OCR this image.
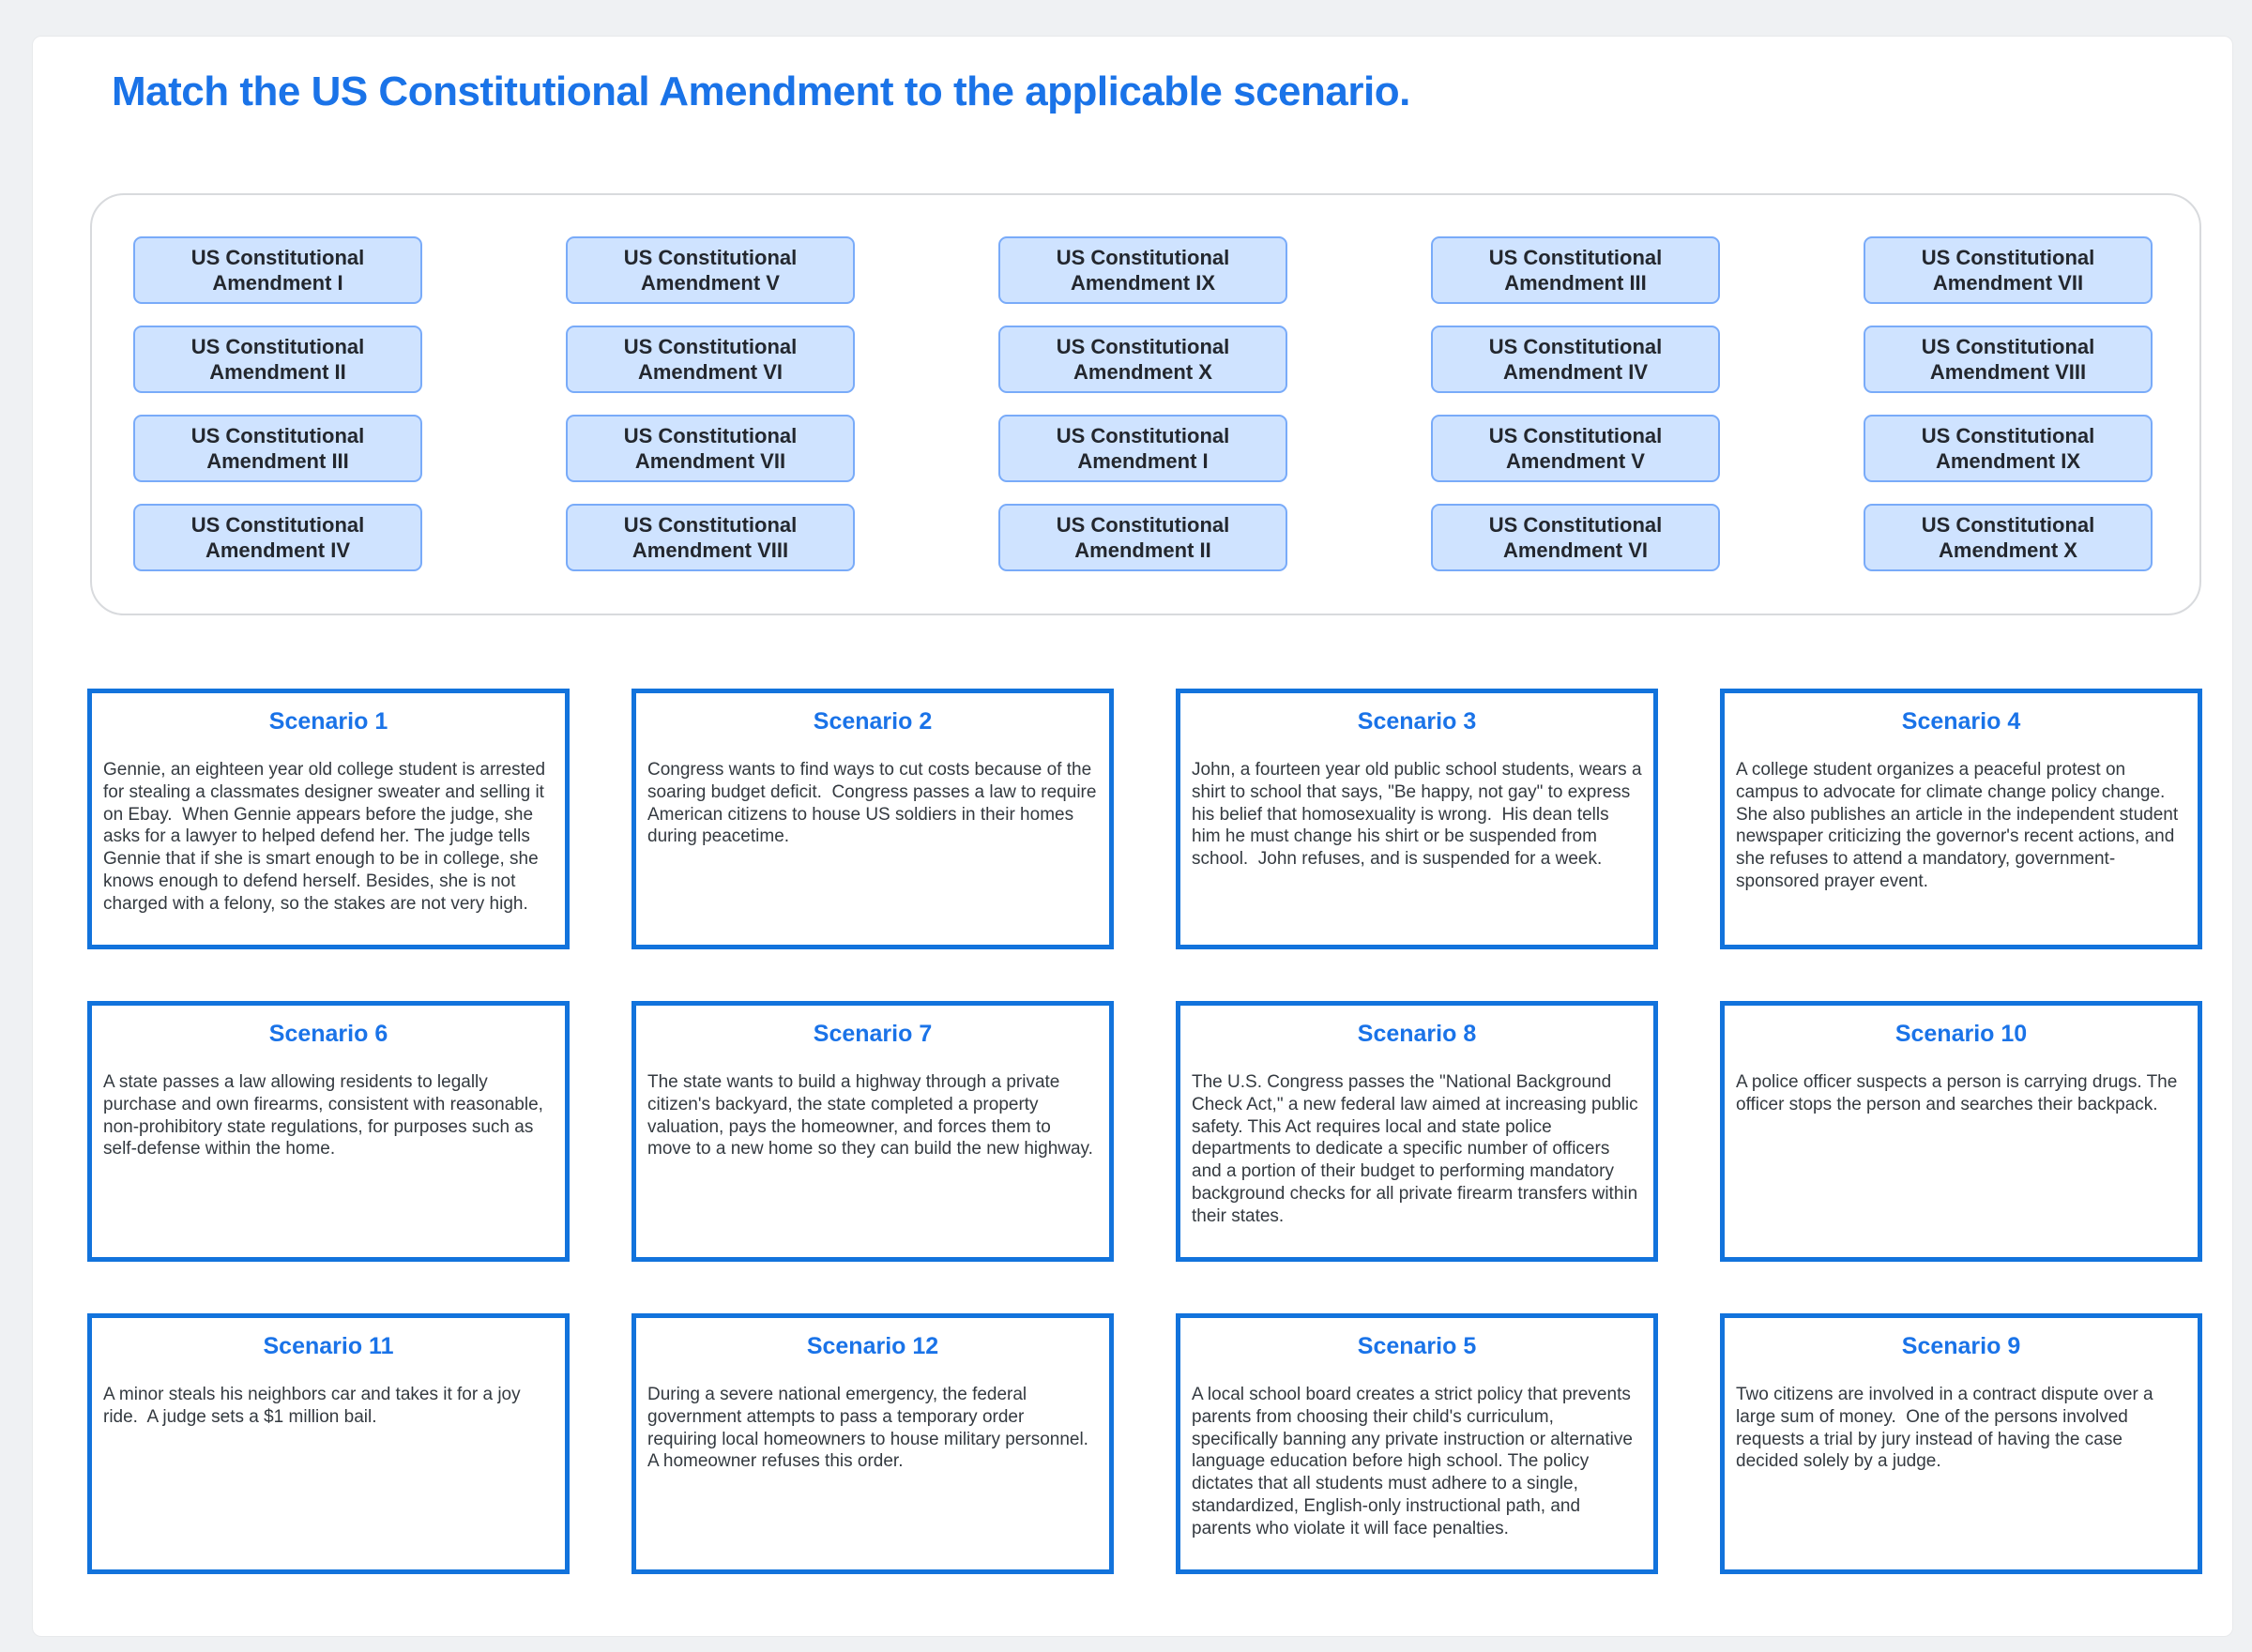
Match the US Constitutional Amendment to the applicable scenario.
US Constitutional Amendment I
US Constitutional Amendment V
US Constitutional Amendment IX
US Constitutional Amendment III
US Constitutional Amendment VII
US Constitutional Amendment II
US Constitutional Amendment VI
US Constitutional Amendment X
US Constitutional Amendment IV
US Constitutional Amendment VIII
US Constitutional Amendment III
US Constitutional Amendment VII
US Constitutional Amendment I
US Constitutional Amendment V
US Constitutional Amendment IX
US Constitutional Amendment IV
US Constitutional Amendment VIII
US Constitutional Amendment II
US Constitutional Amendment VI
US Constitutional Amendment X
Scenario 1

Gennie, an eighteen year old college student is arrested for stealing a classmates designer sweater and selling it on Ebay.  When Gennie appears before the judge, she asks for a lawyer to helped defend her. The judge tells Gennie that if she is smart enough to be in college, she knows enough to defend herself. Besides, she is not charged with a felony, so the stakes are not very high.

Scenario 2

Congress wants to find ways to cut costs because of the soaring budget deficit.  Congress passes a law to require American citizens to house US soldiers in their homes during peacetime.

Scenario 3

John, a fourteen year old public school students, wears a shirt to school that says, "Be happy, not gay" to express his belief that homosexuality is wrong.  His dean tells him he must change his shirt or be suspended from school.  John refuses, and is suspended for a week.

Scenario 4

A college student organizes a peaceful protest on campus to advocate for climate change policy change. She also publishes an article in the independent student newspaper criticizing the governor's recent actions, and she refuses to attend a mandatory, government-sponsored prayer event.

Scenario 6

A state passes a law allowing residents to legally purchase and own firearms, consistent with reasonable, non-prohibitory state regulations, for purposes such as self-defense within the home.

Scenario 7

The state wants to build a highway through a private citizen's backyard, the state completed a property valuation, pays the homeowner, and forces them to move to a new home so they can build the new highway.

Scenario 8

The U.S. Congress passes the "National Background Check Act," a new federal law aimed at increasing public safety. This Act requires local and state police departments to dedicate a specific number of officers and a portion of their budget to performing mandatory background checks for all private firearm transfers within their states.

Scenario 10

A police officer suspects a person is carrying drugs. The officer stops the person and searches their backpack.

Scenario 11

A minor steals his neighbors car and takes it for a joy ride.  A judge sets a $1 million bail.

Scenario 12

During a severe national emergency, the federal government attempts to pass a temporary order requiring local homeowners to house military personnel. A homeowner refuses this order.

Scenario 5

A local school board creates a strict policy that prevents parents from choosing their child's curriculum, specifically banning any private instruction or alternative language education before high school. The policy dictates that all students must adhere to a single, standardized, English-only instructional path, and parents who violate it will face penalties.

Scenario 9

Two citizens are involved in a contract dispute over a large sum of money.  One of the persons involved requests a trial by jury instead of having the case decided solely by a judge.
